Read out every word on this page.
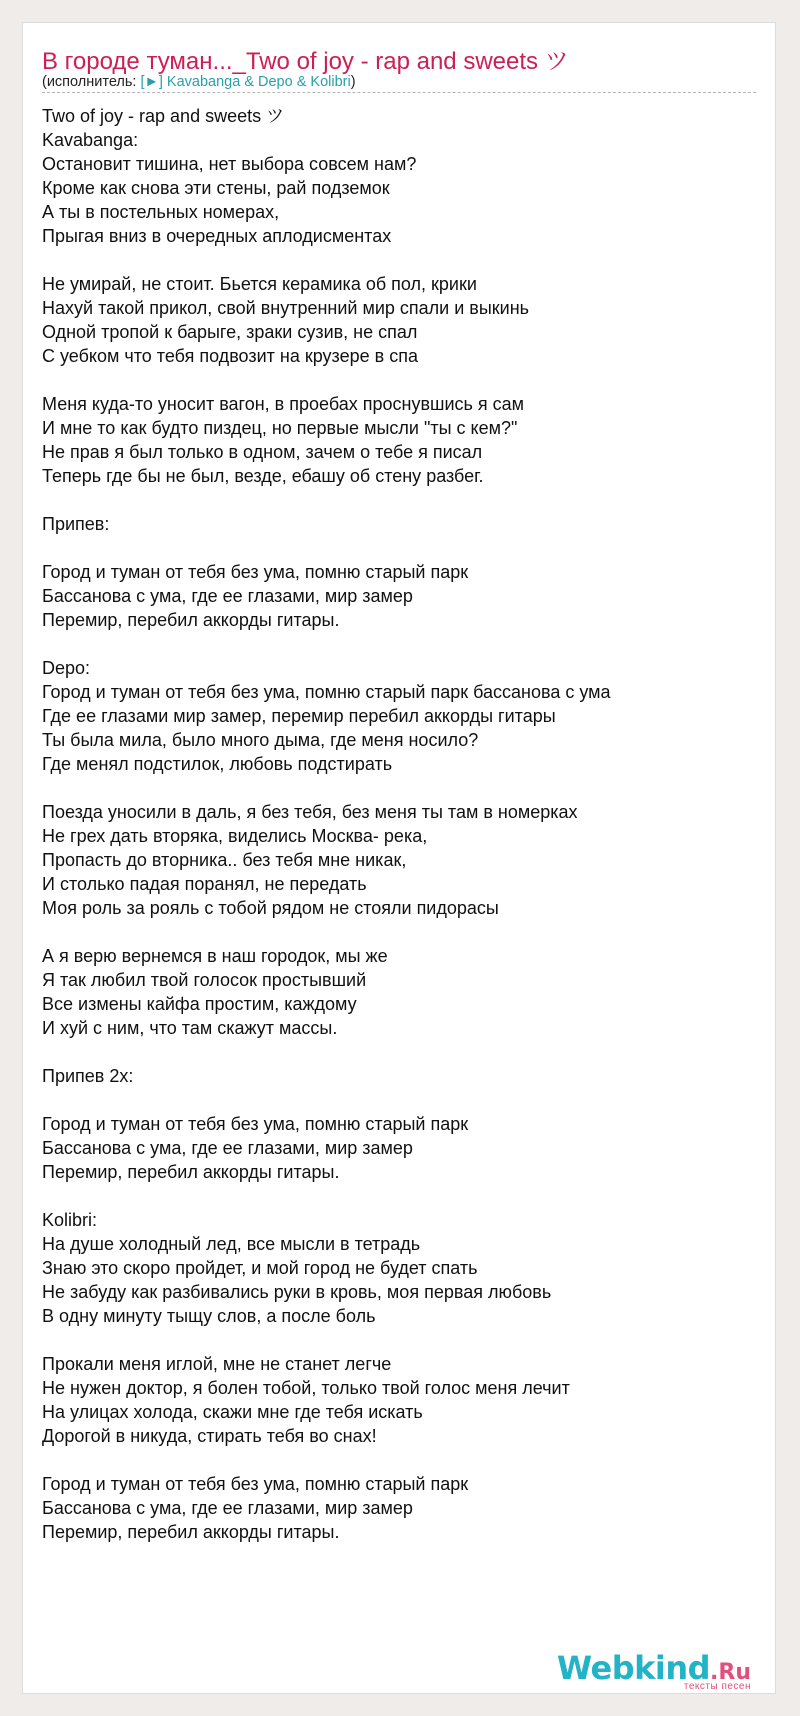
В городе туман..._Two of joy - rap and sweets ツ
(исполнитель: [►] Kavabanga & Depo & Kolibri)
Two of joy - rap and sweets ツ
Kavabanga:
Остановит тишина, нет выбора совсем нам?
Кроме как снова эти стены, рай подземок
А ты в постельных номерах,
Прыгая вниз в очередных аплодисментах

Не умирай, не стоит. Бьется керамика об пол, крики
Нахуй такой прикол, свой внутренний мир спали и выкинь
Одной тропой к барыге, зраки сузив, не спал
С уебком что тебя подвозит на крузере в спа

Меня куда-то уносит вагон, в проебах проснувшись я сам
И мне то как будто пиздец, но первые мысли "ты с кем?"
Не прав я был только в одном, зачем о тебе я писал
Теперь где бы не был, везде, ебашу об стену разбег.

Припев:

Город и туман от тебя без ума, помню старый парк
Бассанова с ума, где ее глазами, мир замер
Перемир, перебил аккорды гитары.

Depo:
Город и туман от тебя без ума, помню старый парк бассанова с ума
Где ее глазами мир замер, перемир перебил аккорды гитары
Ты была мила, было много дыма, где меня носило?
Где менял подстилок, любовь подстирать

Поезда уносили в даль, я без тебя, без меня ты там в номерках
Не грех дать вторяка, виделись Москва- река,
Пропасть до вторника.. без тебя мне никак,
И столько падая поранял, не передать
Моя роль за рояль с тобой рядом не стояли пидорасы

А я верю вернемся в наш городок, мы же
Я так любил твой голосок простывший
Все измены кайфа простим, каждому
И хуй с ним, что там скажут массы.

Припев 2х:

Город и туман от тебя без ума, помню старый парк
Бассанова с ума, где ее глазами, мир замер
Перемир, перебил аккорды гитары.

Kolibri:
На душе холодный лед, все мысли в тетрадь
Знаю это скоро пройдет, и мой город не будет спать
Не забуду как разбивались руки в кровь, моя первая любовь
В одну минуту тыщу слов, а после боль

Прокали меня иглой, мне не станет легче
Не нужен доктор, я болен тобой, только твой голос меня лечит
На улицах холода, скажи мне где тебя искать
Дорогой в никуда, стирать тебя во снах!

Город и туман от тебя без ума, помню старый парк
Бассанова с ума, где ее глазами, мир замер
Перемир, перебил аккорды гитары.
Webkind.Ru
тексты песен
